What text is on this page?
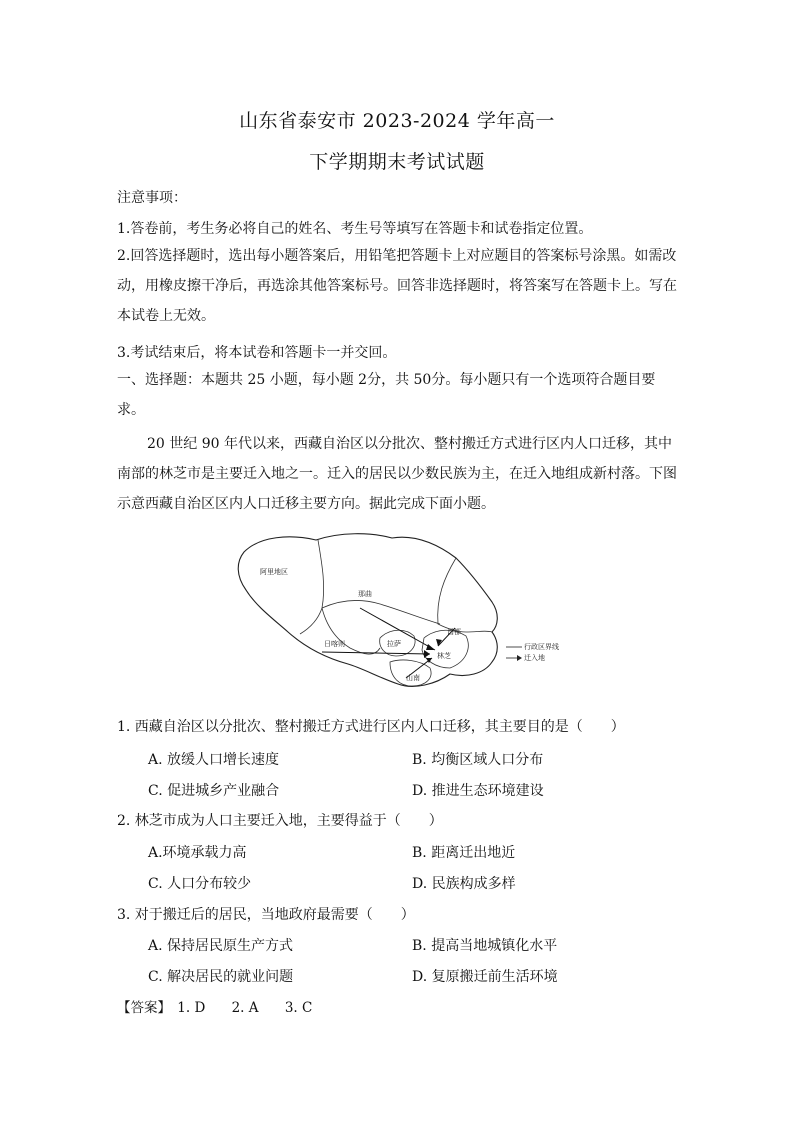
山东省泰安市 2023-2024 学年高一
下学期期末考试试题
注意事项：
1.答卷前，考生务必将自己的姓名、考生号等填写在答题卡和试卷指定位置。
2.回答选择题时，选出每小题答案后，用铅笔把答题卡上对应题目的答案标号涂黑。如需改动，用橡皮擦干净后，再选涂其他答案标号。回答非选择题时，将答案写在答题卡上。写在本试卷上无效。
3.考试结束后，将本试卷和答题卡一并交回。
一、选择题：本题共 25 小题，每小题 2分，共 50分。每小题只有一个选项符合题目要求。
20 世纪 90 年代以来，西藏自治区以分批次、整村搬迁方式进行区内人口迁移，其中南部的林芝市是主要迁入地之一。迁入的居民以少数民族为主，在迁入地组成新村落。下图示意西藏自治区区内人口迁移主要方向。据此完成下面小题。
阿里地区
那曲
昌都
日喀则	拉萨
林芝
山南
行政区界线
迁入地
1. 西藏自治区以分批次、整村搬迁方式进行区内人口迁移，其主要目的是（　　）
A. 放缓人口增长速度	B. 均衡区域人口分布
C. 促进城乡产业融合	D. 推进生态环境建设
2. 林芝市成为人口主要迁入地，主要得益于（　　）
A.环境承载力高	B. 距离迁出地近
C. 人口分布较少	D. 民族构成多样
3. 对于搬迁后的居民，当地政府最需要（　　）
A. 保持居民原生产方式	B. 提高当地城镇化水平
C. 解决居民的就业问题	D. 复原搬迁前生活环境
【答案】 1. D 2. A 3. C
